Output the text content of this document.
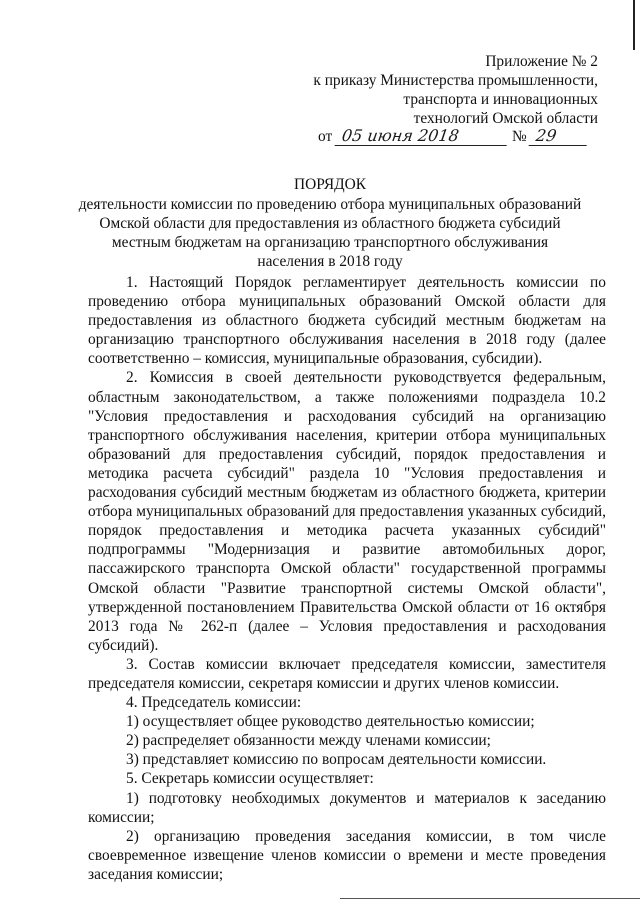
Приложение № 2
к приказу Министерства промышленности,
транспорта и инновационных
технологий Омской области
от 05 июня 2018	№ 29
ПОРЯДОК
деятельности комиссии по проведению отбора муниципальных образований
Омской области для предоставления из областного бюджета субсидий
местным бюджетам на организацию транспортного обслуживания
населения в 2018 году

1. Настоящий Порядок регламентирует деятельность комиссии по проведению отбора муниципальных образований Омской области для предоставления из областного бюджета субсидий местным бюджетам на организацию транспортного обслуживания населения в 2018 году (далее соответственно – комиссия, муниципальные образования, субсидии).

2. Комиссия в своей деятельности руководствуется федеральным, областным законодательством, а также положениями подраздела 10.2 "Условия предоставления и расходования субсидий на организацию транспортного обслуживания населения, критерии отбора муниципальных образований для предоставления субсидий, порядок предоставления и методика расчета субсидий" раздела 10 "Условия предоставления и расходования субсидий местным бюджетам из областного бюджета, критерии отбора муниципальных образований для предоставления указанных субсидий, порядок предоставления и методика расчета указанных субсидий" подпрограммы "Модернизация и развитие автомобильных дорог, пассажирского транспорта Омской области" государственной программы Омской области "Развитие транспортной системы Омской области", утвержденной постановлением Правительства Омской области от 16 октября 2013 года № 262-п (далее – Условия предоставления и расходования субсидий).

3. Состав комиссии включает председателя комиссии, заместителя председателя комиссии, секретаря комиссии и других членов комиссии.

4. Председатель комиссии:

1) осуществляет общее руководство деятельностью комиссии;

2) распределяет обязанности между членами комиссии;

3) представляет комиссию по вопросам деятельности комиссии.

5. Секретарь комиссии осуществляет:

1) подготовку необходимых документов и материалов к заседанию комиссии;

2) организацию проведения заседания комиссии, в том числе своевременное извещение членов комиссии о времени и месте проведения заседания комиссии;
